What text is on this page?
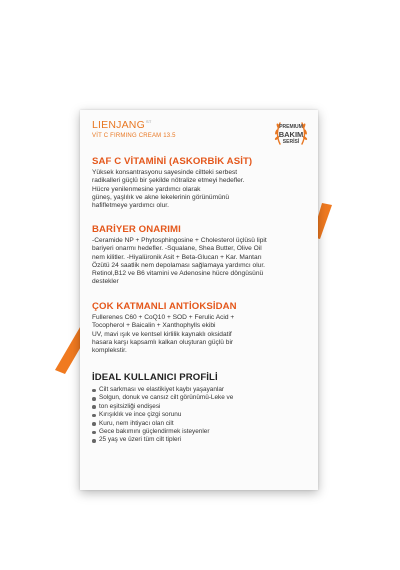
$LIENJANG^{ST}$
VİT C FIRMING CREAM 13.5
PREMIUM
BAKIM
SERİSİ
SAF C VİTAMİNİ (ASKORBİK ASİT)

Yüksek konsantrasyonu sayesinde ciltteki serbest

radikalleri güçlü bir şekilde nötralize etmeyi hedefler.

Hücre yenilenmesine yardımcı olarak

güneş, yaşlılık ve akne lekelerinin görünümünü

hafifletmeye yardımcı olur.

BARİYER ONARIMI

-Ceramide NP + Phytosphingosine + Cholesterol üçlüsü lipit

bariyeri onarmı hedefler. -Squalane, Shea Butter, Olive Oil

nem kilitler. -Hiyalüronik Asit + Beta-Glucan + Kar. Mantarı

Özütü 24 saatlik nem depolaması sağlamaya yardımcı olur.

Retinol,B12 ve B6 vitamini ve Adenosine hücre döngüsünü

destekler

ÇOK KATMANLI ANTİOKSİDAN

Fullerenes C60 + CoQ10 + SOD + Ferulic Acid +

Tocopherol + Baicalin + Xanthophylls ekibi

UV, mavi ışık ve kentsel kirlilik kaynaklı oksidatif

hasara karşı kapsamlı kalkan oluşturan güçlü bir

komplekstir.

İDEAL KULLANICI PROFİLİ
Cilt sarkması ve elastikiyet kaybı yaşayanlar
Solgun, donuk ve cansız cilt görünümü-Leke ve
ton eşitsizliği endişesi
Kırışıklık ve ince çizgi sorunu
Kuru, nem ihtiyacı olan cilt
Gece bakımını güçlendirmek isteyenler
25 yaş ve üzeri tüm cilt tipleri
